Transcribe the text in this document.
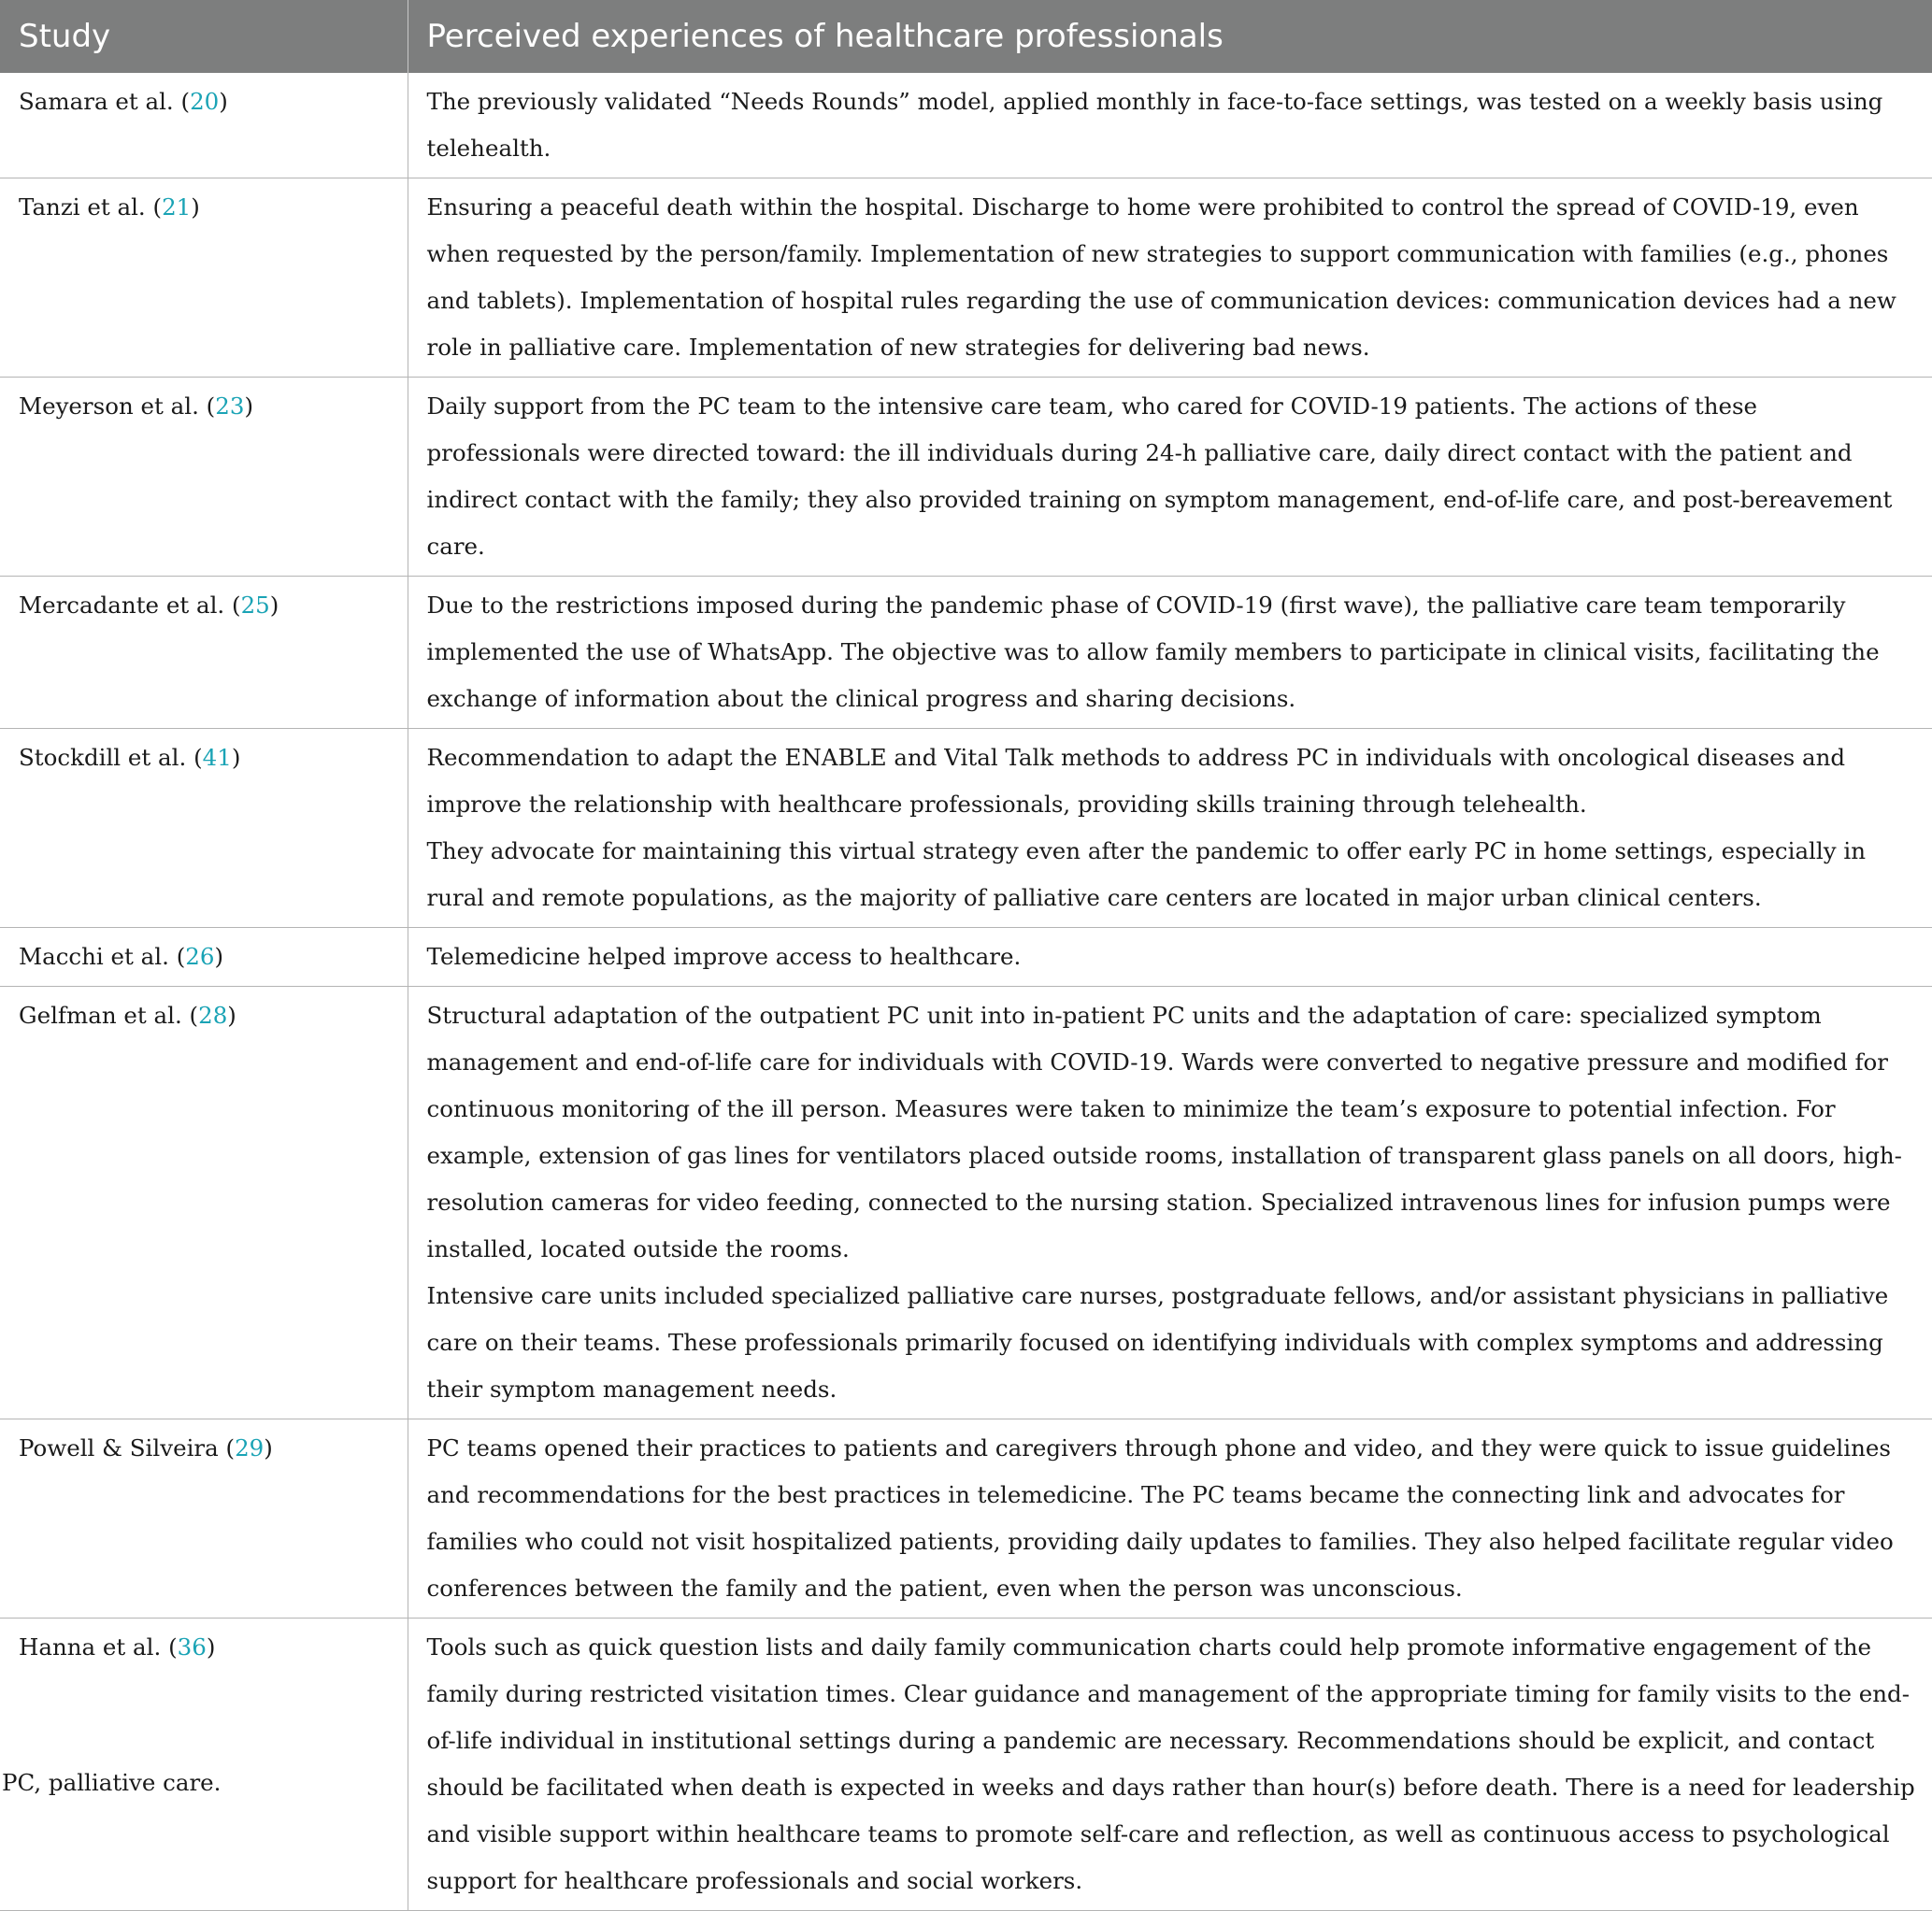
Study	Perceived experiences of healthcare professionals
Samara et al. (20)	The previously validated “Needs Rounds” model, applied monthly in face-to-face settings, was tested on a weekly basis using telehealth.

Tanzi et al. (21)	Ensuring a peaceful death within the hospital. Discharge to home were prohibited to control the spread of COVID-19, even when requested by the person/family. Implementation of new strategies to support communication with families (e.g., phones and tablets). Implementation of hospital rules regarding the use of communication devices: communication devices had a new role in palliative care. Implementation of new strategies for delivering bad news.

Meyerson et al. (23)	Daily support from the PC team to the intensive care team, who cared for COVID-19 patients. The actions of these professionals were directed toward: the ill individuals during 24-h palliative care, daily direct contact with the patient and indirect contact with the family; they also provided training on symptom management, end-of-life care, and post-bereavement care.

Mercadante et al. (25)	Due to the restrictions imposed during the pandemic phase of COVID-19 (first wave), the palliative care team temporarily implemented the use of WhatsApp. The objective was to allow family members to participate in clinical visits, facilitating the exchange of information about the clinical progress and sharing decisions.

Stockdill et al. (41)	Recommendation to adapt the ENABLE and Vital Talk methods to address PC in individuals with oncological diseases and improve the relationship with healthcare professionals, providing skills training through telehealth.
They advocate for maintaining this virtual strategy even after the pandemic to offer early PC in home settings, especially in rural and remote populations, as the majority of palliative care centers are located in major urban clinical centers.

Macchi et al. (26)	Telemedicine helped improve access to healthcare.

Gelfman et al. (28)	Structural adaptation of the outpatient PC unit into in-patient PC units and the adaptation of care: specialized symptom management and end-of-life care for individuals with COVID-19. Wards were converted to negative pressure and modified for continuous monitoring of the ill person. Measures were taken to minimize the team’s exposure to potential infection. For example, extension of gas lines for ventilators placed outside rooms, installation of transparent glass panels on all doors, high-resolution cameras for video feeding, connected to the nursing station. Specialized intravenous lines for infusion pumps were installed, located outside the rooms.
Intensive care units included specialized palliative care nurses, postgraduate fellows, and/or assistant physicians in palliative care on their teams. These professionals primarily focused on identifying individuals with complex symptoms and addressing their symptom management needs.

Powell & Silveira (29)	PC teams opened their practices to patients and caregivers through phone and video, and they were quick to issue guidelines and recommendations for the best practices in telemedicine. The PC teams became the connecting link and advocates for families who could not visit hospitalized patients, providing daily updates to families. They also helped facilitate regular video conferences between the family and the patient, even when the person was unconscious.

Hanna et al. (36)	Tools such as quick question lists and daily family communication charts could help promote informative engagement of the family during restricted visitation times. Clear guidance and management of the appropriate timing for family visits to the end-of-life individual in institutional settings during a pandemic are necessary. Recommendations should be explicit, and contact should be facilitated when death is expected in weeks and days rather than hour(s) before death. There is a need for leadership and visible support within healthcare teams to promote self-care and reflection, as well as continuous access to psychological support for healthcare professionals and social workers.
PC, palliative care.
